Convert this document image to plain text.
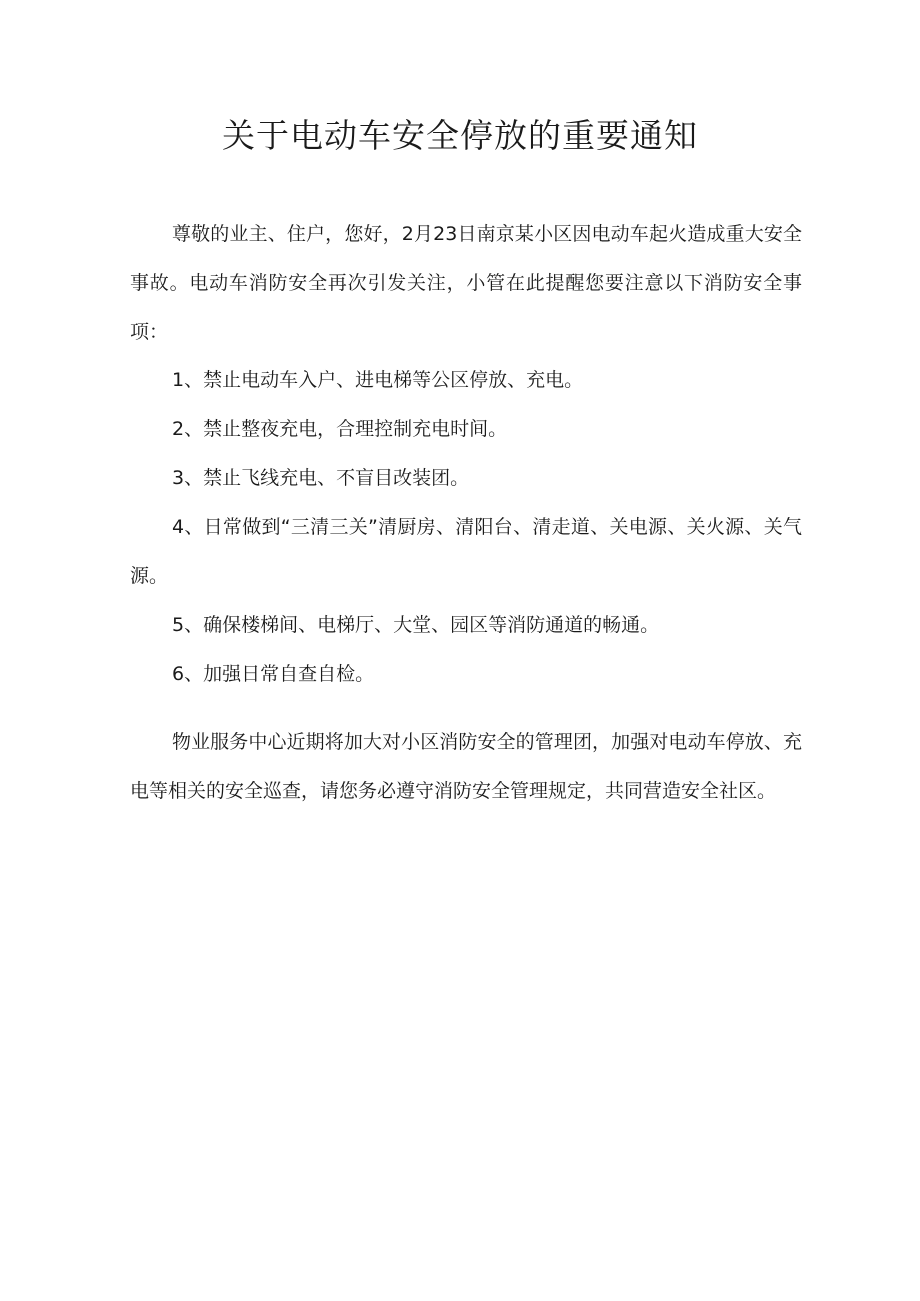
关于电动车安全停放的重要通知

尊敬的业主、住户，您好，2月23日南京某小区因电动车起火造成重大安全事故。电动车消防安全再次引发关注，小管在此提醒您要注意以下消防安全事项：

1、禁止电动车入户、进电梯等公区停放、充电。
2、禁止整夜充电，合理控制充电时间。
3、禁止飞线充电、不盲目改装团。
4、日常做到“三清三关”清厨房、清阳台、清走道、关电源、关火源、关气源。
5、确保楼梯间、电梯厅、大堂、园区等消防通道的畅通。
6、加强日常自查自检。

物业服务中心近期将加大对小区消防安全的管理团，加强对电动车停放、充电等相关的安全巡查，请您务必遵守消防安全管理规定，共同营造安全社区。
